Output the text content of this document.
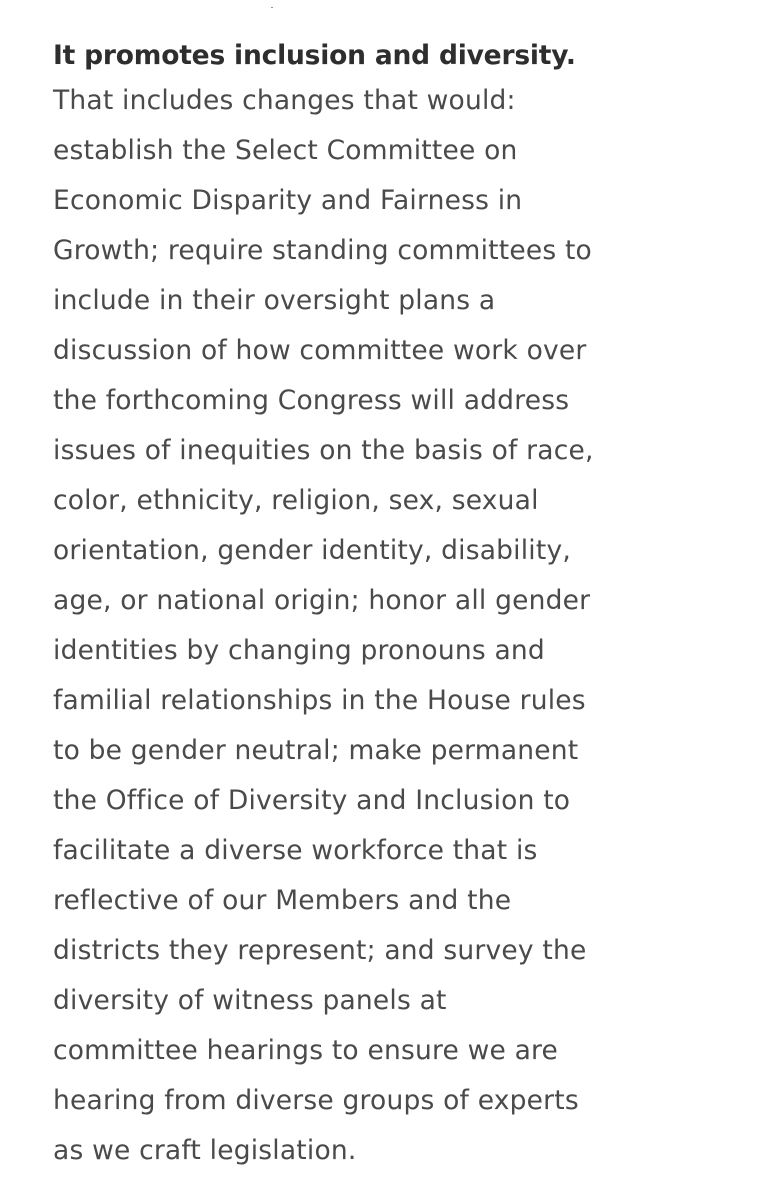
It promotes inclusion and diversity.

That includes changes that would:
establish the Select Committee on
Economic Disparity and Fairness in
Growth; require standing committees to
include in their oversight plans a
discussion of how committee work over
the forthcoming Congress will address
issues of inequities on the basis of race,
color, ethnicity, religion, sex, sexual
orientation, gender identity, disability,
age, or national origin; honor all gender
identities by changing pronouns and
familial relationships in the House rules
to be gender neutral; make permanent
the Office of Diversity and Inclusion to
facilitate a diverse workforce that is
reflective of our Members and the
districts they represent; and survey the
diversity of witness panels at
committee hearings to ensure we are
hearing from diverse groups of experts
as we craft legislation.
